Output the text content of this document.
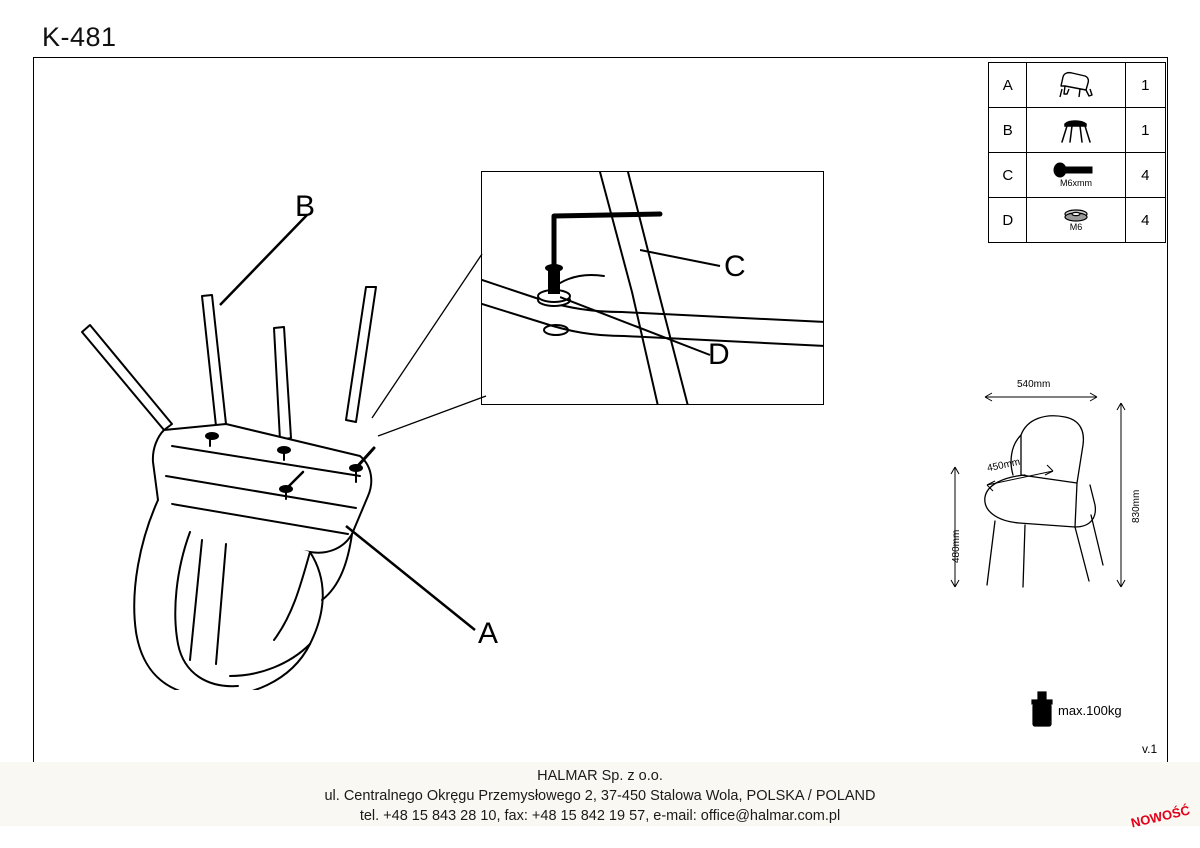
K-481
B
A
C
D
A		1
B		1
C	M6xmm	4
D	M6	4
540mm
830mm
480mm
450mm
max.100kg
v.1
HALMAR Sp. z o.o.
ul. Centralnego Okręgu Przemysłowego 2, 37-450 Stalowa Wola, POLSKA / POLAND
tel. +48 15 843 28 10, fax: +48 15 842 19 57, e-mail: office@halmar.com.pl	NOWOŚĆ
